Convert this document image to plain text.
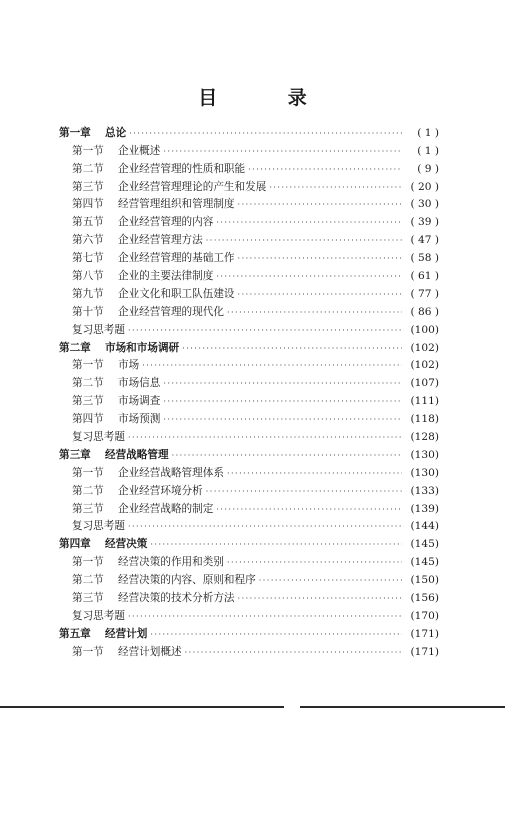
目 录
第一章 总论 ·····	( 1 )
第一节 企业概述 ·····	( 1 )
第二节 企业经营管理的性质和职能 ·····	( 9 )
第三节 企业经营管理理论的产生和发展 ·····	( 20 )
第四节 经营管理组织和管理制度 ·····	( 30 )
第五节 企业经营管理的内容 ·····	( 39 )
第六节 企业经营管理方法 ·····	( 47 )
第七节 企业经营管理的基础工作 ·····	( 58 )
第八节 企业的主要法律制度 ·····	( 61 )
第九节 企业文化和职工队伍建设 ·····	( 77 )
第十节 企业经营管理的现代化 ·····	( 86 )
复习思考题 ·····	(100)
第二章 市场和市场调研 ·····	(102)
第一节 市场 ·····	(102)
第二节 市场信息 ·····	(107)
第三节 市场调查 ·····	(111)
第四节 市场预测 ·····	(118)
复习思考题 ·····	(128)
第三章 经营战略管理 ·····	(130)
第一节 企业经营战略管理体系 ·····	(130)
第二节 企业经营环境分析 ·····	(133)
第三节 企业经营战略的制定 ·····	(139)
复习思考题 ·····	(144)
第四章 经营决策 ·····	(145)
第一节 经营决策的作用和类别 ·····	(145)
第二节 经营决策的内容、原则和程序 ·····	(150)
第三节 经营决策的技术分析方法 ·····	(156)
复习思考题 ·····	(170)
第五章 经营计划 ·····	(171)
第一节 经营计划概述 ·····	(171)
